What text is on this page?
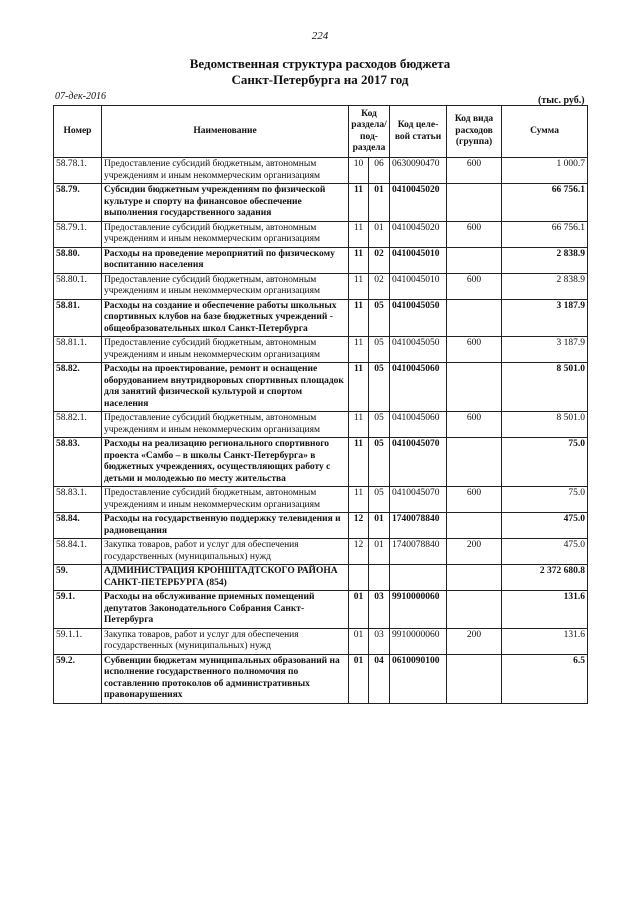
224
Ведомственная структура расходов бюджета
Санкт-Петербурга на 2017 год
07-дек-2016	(тыс. руб.)
Номер	Наименование	Код раздела/ под- раздела		Код целе- вой статьи	Код вида расходов (группа)	Сумма
58.78.1.	Предоставление субсидий бюджетным, автономным учреждениям и иным некоммерческим организациям	10	06	0630090470	600	1 000.7
58.79.	Субсидии бюджетным учреждениям по физической культуре и спорту на финансовое обеспечение выполнения государственного задания	11	01	0410045020		66 756.1
58.79.1.	Предоставление субсидий бюджетным, автономным учреждениям и иным некоммерческим организациям	11	01	0410045020	600	66 756.1
58.80.	Расходы на проведение мероприятий по физическому воспитанию населения	11	02	0410045010		2 838.9
58.80.1.	Предоставление субсидий бюджетным, автономным учреждениям и иным некоммерческим организациям	11	02	0410045010	600	2 838.9
58.81.	Расходы на создание и обеспечение работы школьных спортивных клубов на базе бюджетных учреждений - общеобразовательных школ Санкт-Петербурга	11	05	0410045050		3 187.9
58.81.1.	Предоставление субсидий бюджетным, автономным учреждениям и иным некоммерческим организациям	11	05	0410045050	600	3 187.9
58.82.	Расходы на проектирование, ремонт и оснащение оборудованием внутридворовых спортивных площадок для занятий физической культурой и спортом населения	11	05	0410045060		8 501.0
58.82.1.	Предоставление субсидий бюджетным, автономным учреждениям и иным некоммерческим организациям	11	05	0410045060	600	8 501.0
58.83.	Расходы на реализацию регионального спортивного проекта «Самбо – в школы Санкт-Петербурга» в бюджетных учреждениях, осуществляющих работу с детьми и молодежью по месту жительства	11	05	0410045070		75.0
58.83.1.	Предоставление субсидий бюджетным, автономным учреждениям и иным некоммерческим организациям	11	05	0410045070	600	75.0
58.84.	Расходы на государственную поддержку телевидения и радиовещания	12	01	1740078840		475.0
58.84.1.	Закупка товаров, работ и услуг для обеспечения государственных (муниципальных) нужд	12	01	1740078840	200	475.0
59.	АДМИНИСТРАЦИЯ КРОНШТАДТСКОГО РАЙОНА САНКТ-ПЕТЕРБУРГА (854)					2 372 680.8
59.1.	Расходы на обслуживание приемных помещений депутатов Законодательного Собрания Санкт-Петербурга	01	03	9910000060		131.6
59.1.1.	Закупка товаров, работ и услуг для обеспечения государственных (муниципальных) нужд	01	03	9910000060	200	131.6
59.2.	Субвенции бюджетам муниципальных образований на исполнение государственного полномочия по составлению протоколов об административных правонарушениях	01	04	0610090100		6.5
